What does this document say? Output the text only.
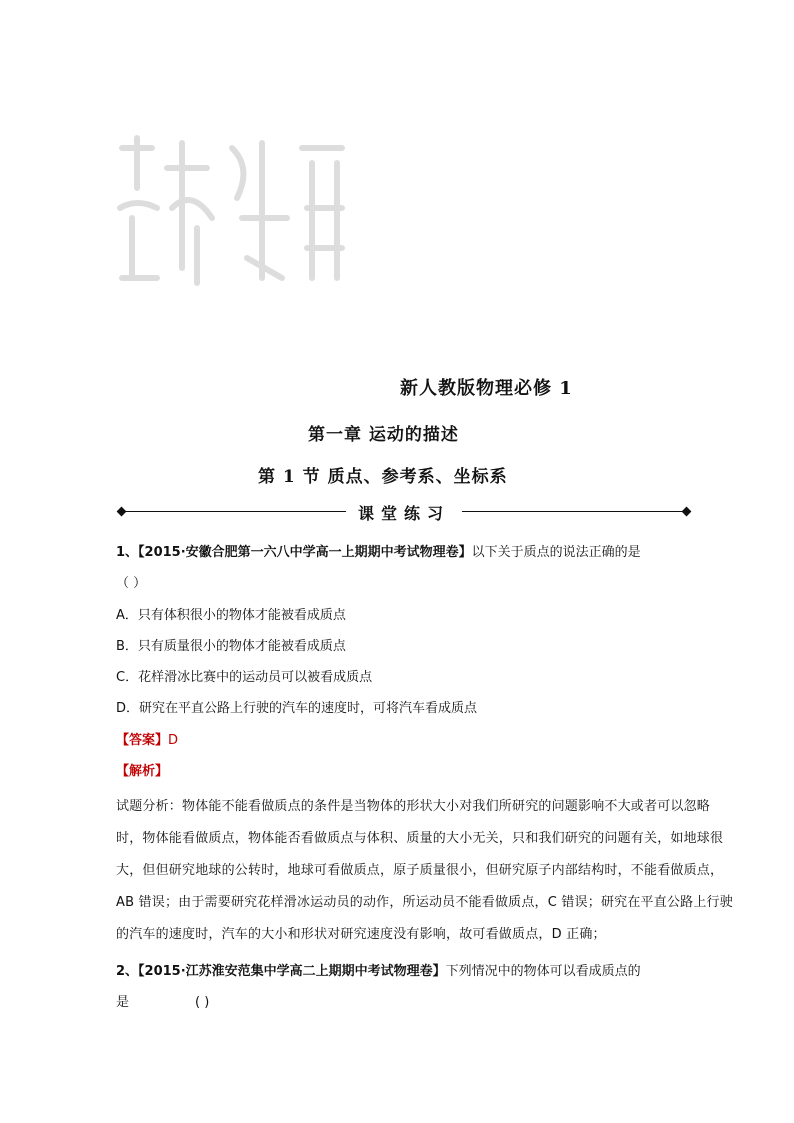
新人教版物理必修 1
第一章 运动的描述
第 1 节 质点、参考系、坐标系
课堂练习
1、【2015·安徽合肥第一六八中学高一上期期中考试物理卷】以下关于质点的说法正确的是
（ ）
A．只有体积很小的物体才能被看成质点
B．只有质量很小的物体才能被看成质点
C．花样滑冰比赛中的运动员可以被看成质点
D．研究在平直公路上行驶的汽车的速度时，可将汽车看成质点
【答案】D
【解析】
试题分析：物体能不能看做质点的条件是当物体的形状大小对我们所研究的问题影响不大或者可以忽略
时，物体能看做质点，物体能否看做质点与体积、质量的大小无关，只和我们研究的问题有关，如地球很
大，但但研究地球的公转时，地球可看做质点，原子质量很小，但研究原子内部结构时，不能看做质点，
AB 错误；由于需要研究花样滑冰运动员的动作，所运动员不能看做质点，C 错误；研究在平直公路上行驶
的汽车的速度时，汽车的大小和形状对研究速度没有影响，故可看做质点，D 正确；
2、【2015·江苏淮安范集中学高二上期期中考试物理卷】下列情况中的物体可以看成质点的
是	( )
